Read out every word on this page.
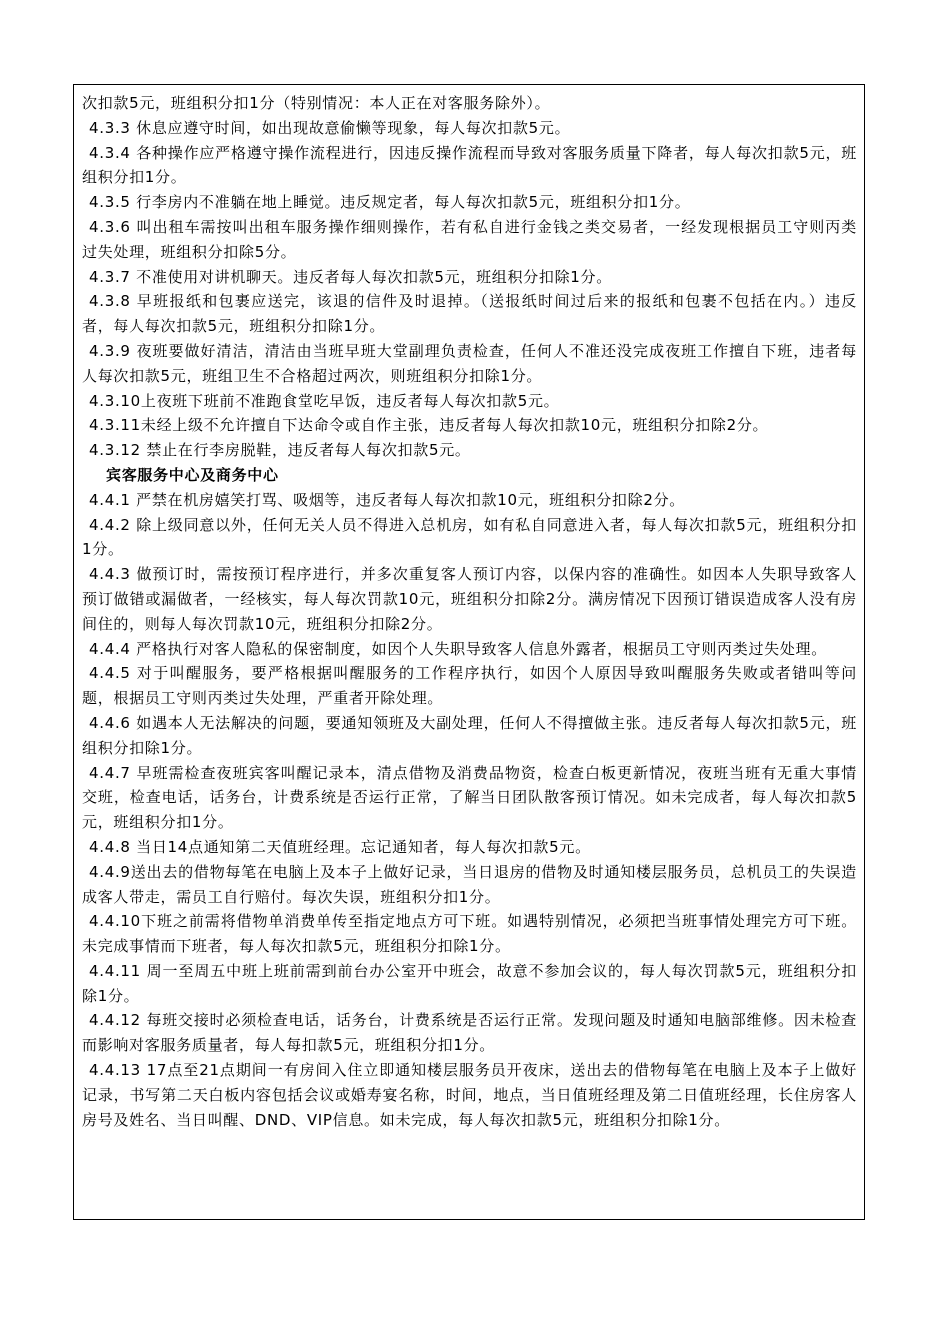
次扣款5元，班组积分扣1分（特别情况：本人正在对客服务除外）。

4.3.3 休息应遵守时间，如出现故意偷懒等现象，每人每次扣款5元。

4.3.4 各种操作应严格遵守操作流程进行，因违反操作流程而导致对客服务质量下降者，每人每次扣款5元，班组积分扣1分。

4.3.5 行李房内不准躺在地上睡觉。违反规定者，每人每次扣款5元，班组积分扣1分。

4.3.6 叫出租车需按叫出租车服务操作细则操作，若有私自进行金钱之类交易者，一经发现根据员工守则丙类过失处理，班组积分扣除5分。

4.3.7 不准使用对讲机聊天。违反者每人每次扣款5元，班组积分扣除1分。

4.3.8 早班报纸和包裹应送完，该退的信件及时退掉。（送报纸时间过后来的报纸和包裹不包括在内。）违反者，每人每次扣款5元，班组积分扣除1分。

4.3.9 夜班要做好清洁，清洁由当班早班大堂副理负责检查，任何人不准还没完成夜班工作擅自下班，违者每人每次扣款5元，班组卫生不合格超过两次，则班组积分扣除1分。

4.3.10上夜班下班前不准跑食堂吃早饭，违反者每人每次扣款5元。

4.3.11未经上级不允许擅自下达命令或自作主张，违反者每人每次扣款10元，班组积分扣除2分。

4.3.12 禁止在行李房脱鞋，违反者每人每次扣款5元。

宾客服务中心及商务中心

4.4.1 严禁在机房嬉笑打骂、吸烟等，违反者每人每次扣款10元，班组积分扣除2分。

4.4.2 除上级同意以外，任何无关人员不得进入总机房，如有私自同意进入者，每人每次扣款5元，班组积分扣1分。

4.4.3 做预订时，需按预订程序进行，并多次重复客人预订内容，以保内容的准确性。如因本人失职导致客人预订做错或漏做者，一经核实，每人每次罚款10元，班组积分扣除2分。满房情况下因预订错误造成客人没有房间住的，则每人每次罚款10元，班组积分扣除2分。

4.4.4 严格执行对客人隐私的保密制度，如因个人失职导致客人信息外露者，根据员工守则丙类过失处理。

4.4.5 对于叫醒服务，要严格根据叫醒服务的工作程序执行，如因个人原因导致叫醒服务失败或者错叫等问题，根据员工守则丙类过失处理，严重者开除处理。

4.4.6 如遇本人无法解决的问题，要通知领班及大副处理，任何人不得擅做主张。违反者每人每次扣款5元，班组积分扣除1分。

4.4.7 早班需检查夜班宾客叫醒记录本，清点借物及消费品物资，检查白板更新情况，夜班当班有无重大事情交班，检查电话，话务台，计费系统是否运行正常，了解当日团队散客预订情况。如未完成者，每人每次扣款5元，班组积分扣1分。

4.4.8 当日14点通知第二天值班经理。忘记通知者，每人每次扣款5元。

4.4.9送出去的借物每笔在电脑上及本子上做好记录，当日退房的借物及时通知楼层服务员，总机员工的失误造成客人带走，需员工自行赔付。每次失误，班组积分扣1分。

4.4.10下班之前需将借物单消费单传至指定地点方可下班。如遇特别情况，必须把当班事情处理完方可下班。未完成事情而下班者，每人每次扣款5元，班组积分扣除1分。

4.4.11 周一至周五中班上班前需到前台办公室开中班会，故意不参加会议的，每人每次罚款5元，班组积分扣除1分。

4.4.12 每班交接时必须检查电话，话务台，计费系统是否运行正常。发现问题及时通知电脑部维修。因未检查而影响对客服务质量者，每人每扣款5元，班组积分扣1分。

4.4.13 17点至21点期间一有房间入住立即通知楼层服务员开夜床，送出去的借物每笔在电脑上及本子上做好记录，书写第二天白板内容包括会议或婚寿宴名称，时间，地点，当日值班经理及第二日值班经理，长住房客人房号及姓名、当日叫醒、DND、VIP信息。如未完成，每人每次扣款5元，班组积分扣除1分。
